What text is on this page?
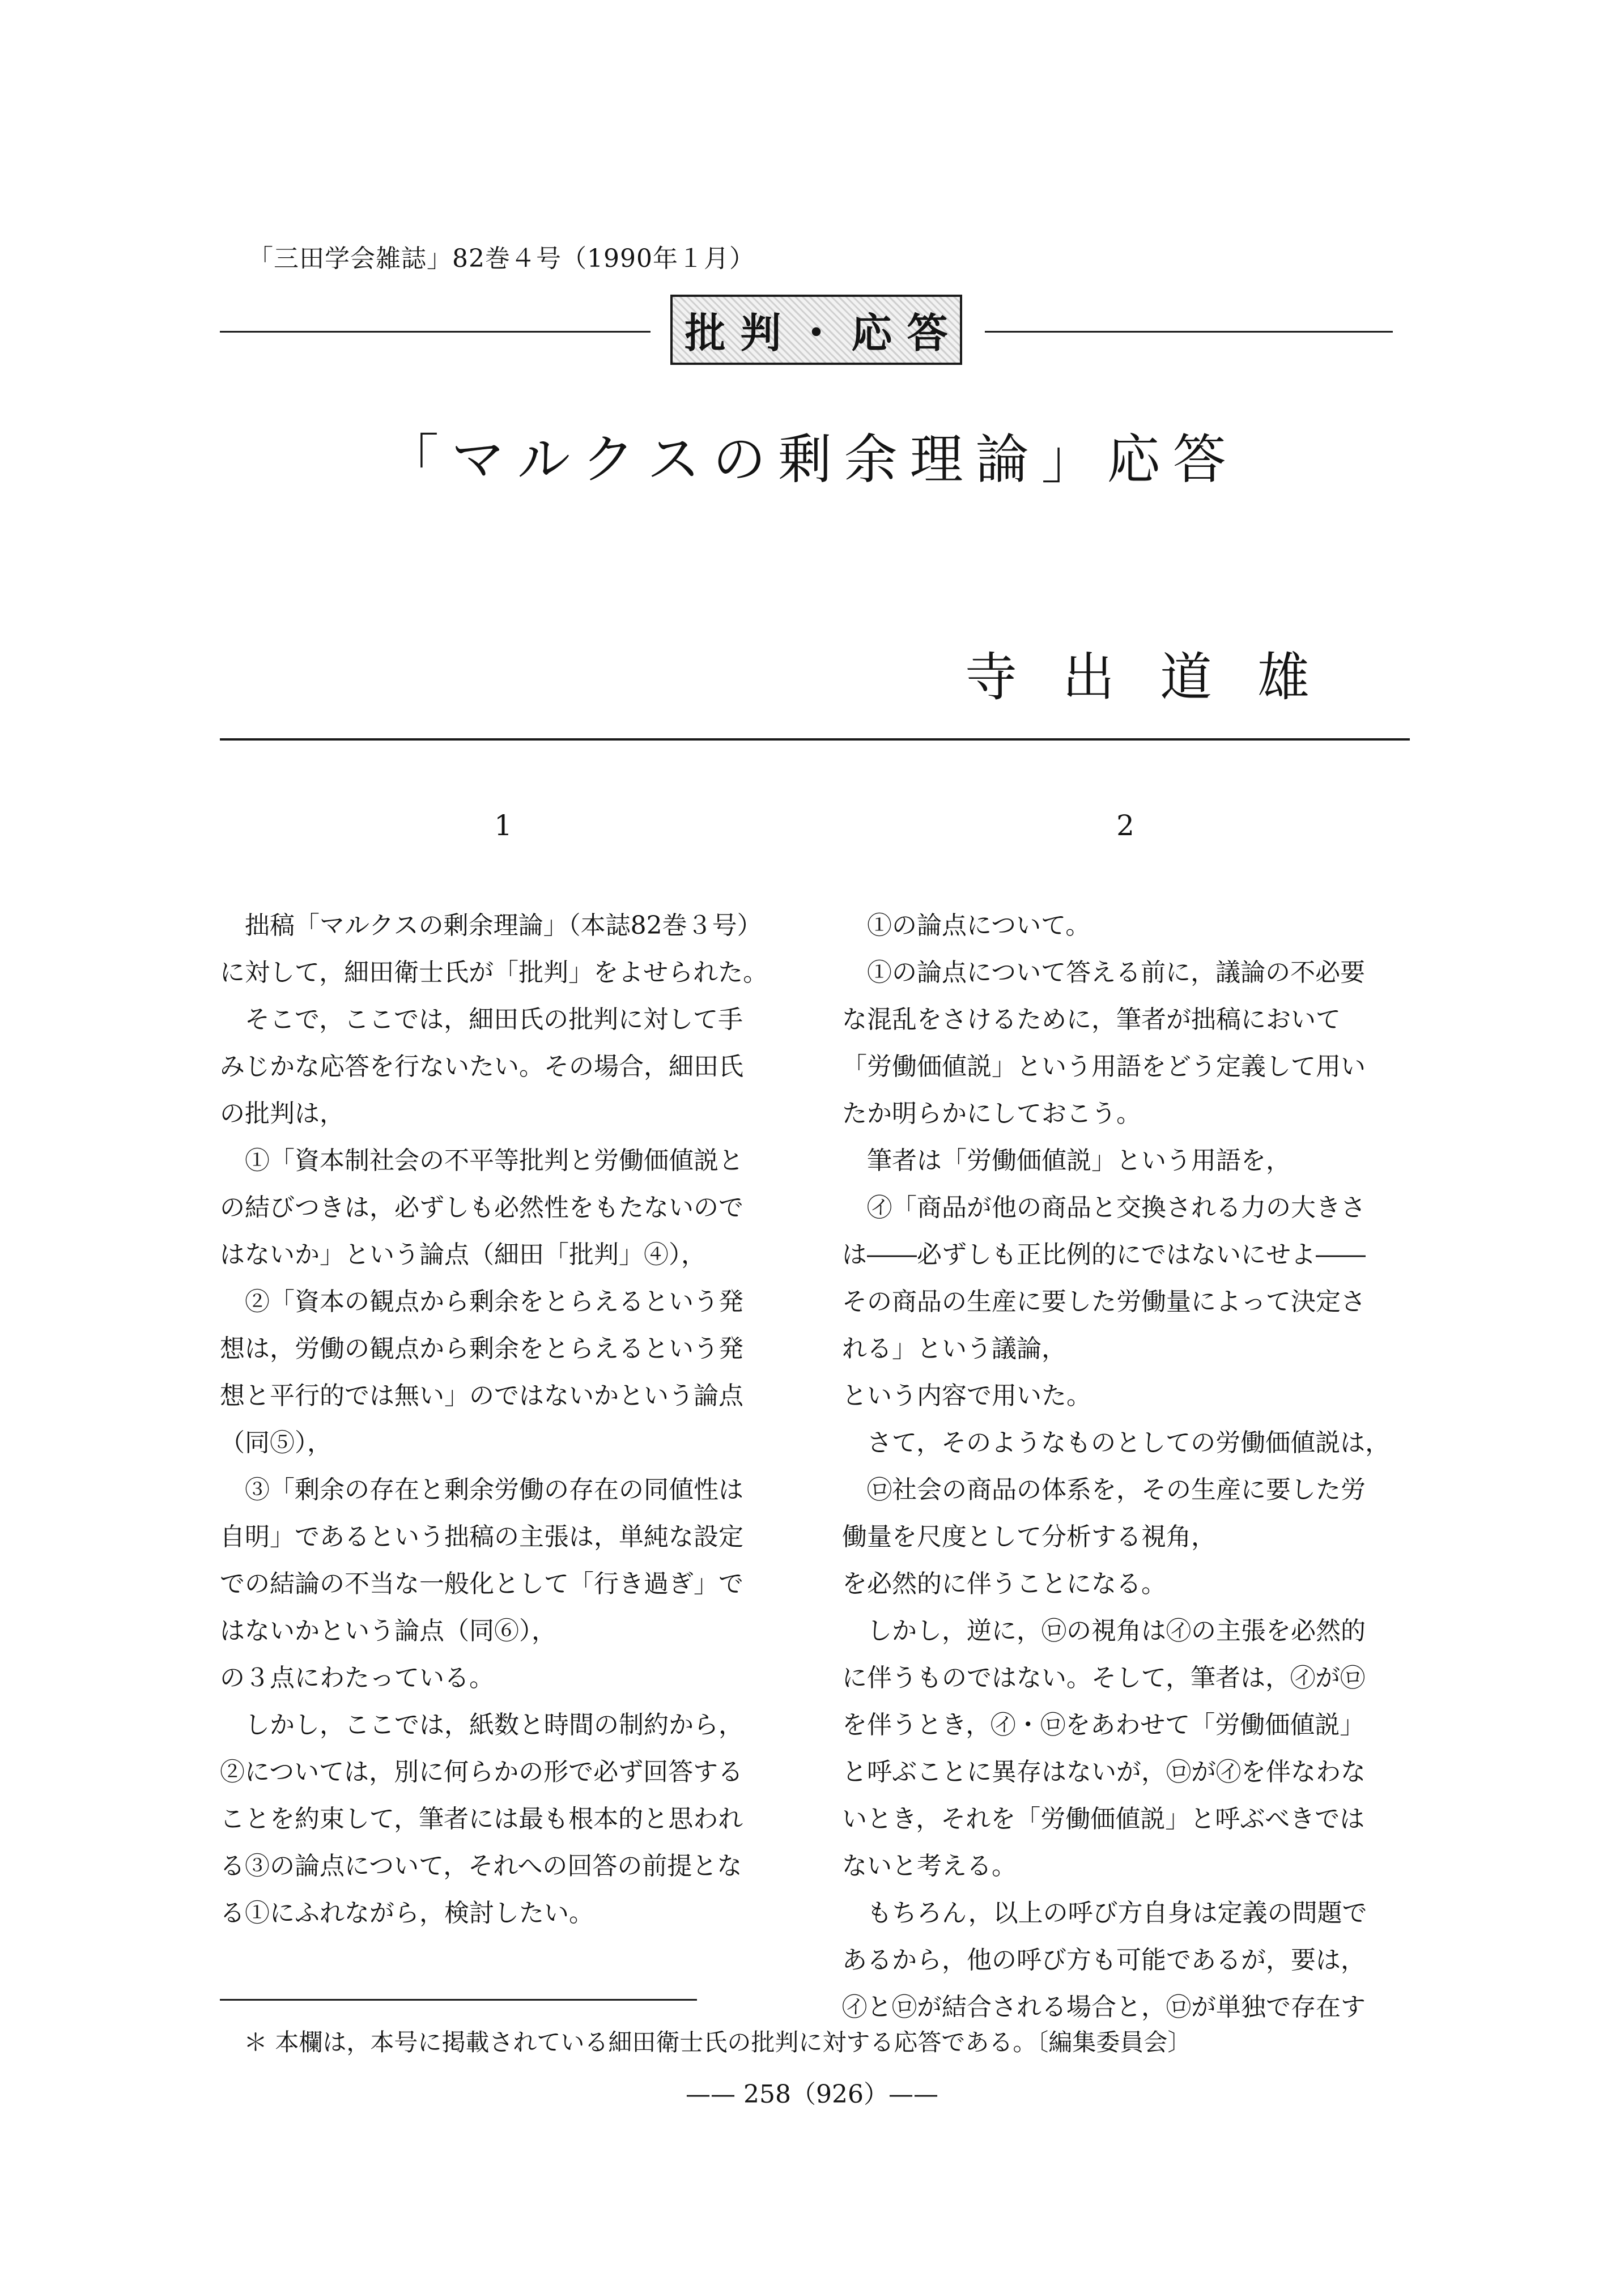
「三田学会雑誌」82巻４号（1990年１月）
批判・応答
「マルクスの剰余理論」応答
寺出道雄
1	2

　拙稿「マルクスの剰余理論」（本誌82巻３号）

に対して，細田衛士氏が「批判」をよせられた。

　そこで，ここでは，細田氏の批判に対して手

みじかな応答を行ないたい。その場合，細田氏

の批判は，

　①「資本制社会の不平等批判と労働価値説と

の結びつきは，必ずしも必然性をもたないので

はないか」という論点（細田「批判」④），

　②「資本の観点から剰余をとらえるという発

想は，労働の観点から剰余をとらえるという発

想と平行的では無い」のではないかという論点

（同⑤），

　③「剰余の存在と剰余労働の存在の同値性は

自明」であるという拙稿の主張は，単純な設定

での結論の不当な一般化として「行き過ぎ」で

はないかという論点（同⑥），

の３点にわたっている。

　しかし，ここでは，紙数と時間の制約から，

②については，別に何らかの形で必ず回答する

ことを約束して，筆者には最も根本的と思われ

る③の論点について，それへの回答の前提とな

る①にふれながら，検討したい。

　①の論点について。

　①の論点について答える前に，議論の不必要

な混乱をさけるために，筆者が拙稿において

「労働価値説」という用語をどう定義して用い

たか明らかにしておこう。

　筆者は「労働価値説」という用語を，

　㋑「商品が他の商品と交換される力の大きさ

は――必ずしも正比例的にではないにせよ――

その商品の生産に要した労働量によって決定さ

れる」という議論，

という内容で用いた。

　さて，そのようなものとしての労働価値説は，

　㋺社会の商品の体系を，その生産に要した労

働量を尺度として分析する視角，

を必然的に伴うことになる。

　しかし，逆に，㋺の視角は㋑の主張を必然的

に伴うものではない。そして，筆者は，㋑が㋺

を伴うとき，㋑・㋺をあわせて「労働価値説」

と呼ぶことに異存はないが，㋺が㋑を伴なわな

いとき，それを「労働価値説」と呼ぶべきでは

ないと考える。

　もちろん，以上の呼び方自身は定義の問題で

あるから，他の呼び方も可能であるが，要は，

㋑と㋺が結合される場合と，㋺が単独で存在す

＊ 本欄は，本号に掲載されている細田衛士氏の批判に対する応答である。〔編集委員会〕
—— 258（926）——
